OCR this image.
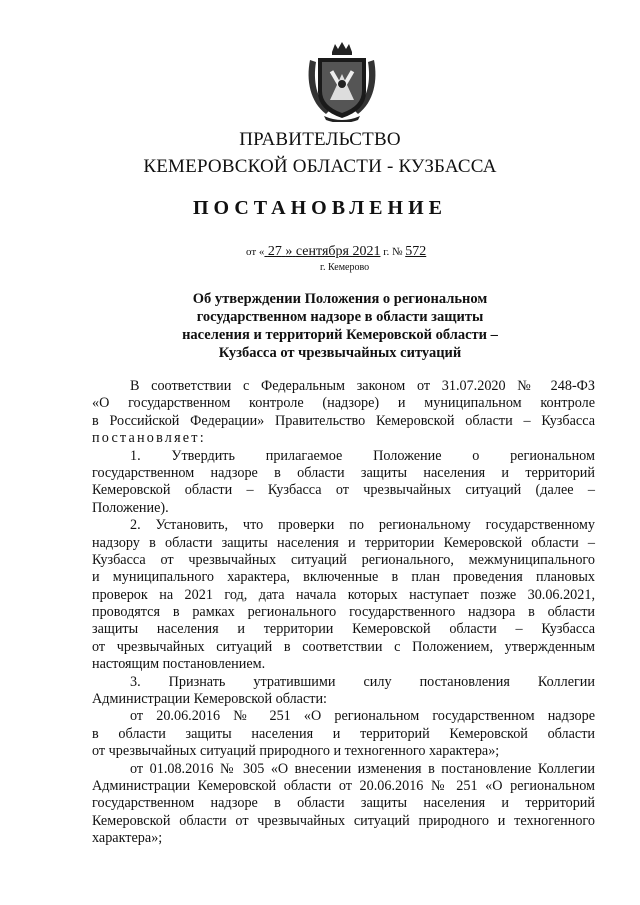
ПРАВИТЕЛЬСТВО
КЕМЕРОВСКОЙ ОБЛАСТИ - КУЗБАССА
ПОСТАНОВЛЕНИЕ
от « 27 » сентября 2021 г. № 572
г. Кемерово
Об утверждении Положения о региональном
государственном надзоре в области защиты
населения и территорий Кемеровской области –
Кузбасса от чрезвычайных ситуаций
В соответствии с Федеральным законом от 31.07.2020 № 248-ФЗ
«О государственном контроле (надзоре) и муниципальном контроле
в Российской Федерации» Правительство Кемеровской области – Кузбасса
постановляет:
1. Утвердить прилагаемое Положение о региональном
государственном надзоре в области защиты населения и территорий
Кемеровской области – Кузбасса от чрезвычайных ситуаций (далее –
Положение).
2. Установить, что проверки по региональному государственному
надзору в области защиты населения и территории Кемеровской области –
Кузбасса от чрезвычайных ситуаций регионального, межмуниципального
и муниципального характера, включенные в план проведения плановых
проверок на 2021 год, дата начала которых наступает позже 30.06.2021,
проводятся в рамках регионального государственного надзора в области
защиты населения и территории Кемеровской области – Кузбасса
от чрезвычайных ситуаций в соответствии с Положением, утвержденным
настоящим постановлением.
3. Признать утратившими силу постановления Коллегии
Администрации Кемеровской области:
от 20.06.2016 № 251 «О региональном государственном надзоре
в области защиты населения и территорий Кемеровской области
от чрезвычайных ситуаций природного и техногенного характера»;
от 01.08.2016 № 305 «О внесении изменения в постановление Коллегии
Администрации Кемеровской области от 20.06.2016 № 251 «О региональном
государственном надзоре в области защиты населения и территорий
Кемеровской области от чрезвычайных ситуаций природного и техногенного
характера»;
